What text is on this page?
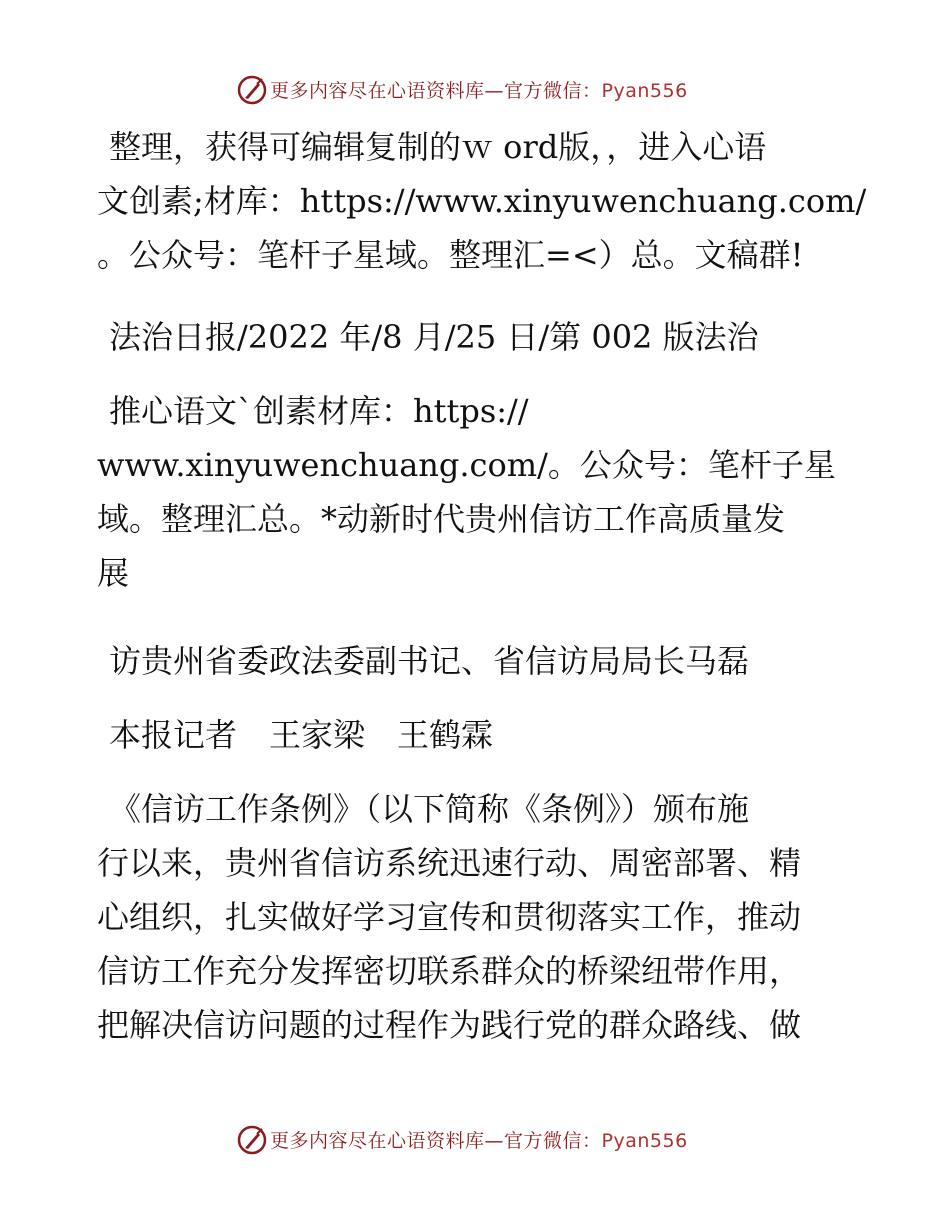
更多内容尽在心语资料库—官方微信：Pyan556

整理，获得可编辑复制的ｗ ord版，，进入心语
文创素;材库：https://www.xinyuwenchuang.com/
。公众号：笔杆子星域。整理汇=<）总。文稿群!

法治日报/2022 年/8 月/25 日/第 002 版法治

推心语文`创素材库：https://
www.xinyuwenchuang.com/。公众号：笔杆子星
域。整理汇总。*动新时代贵州信访工作高质量发
展

访贵州省委政法委副书记、省信访局局长马磊

本报记者　王家梁　王鹤霖

《信访工作条例》（以下简称《条例》）颁布施
行以来，贵州省信访系统迅速行动、周密部署、精
心组织，扎实做好学习宣传和贯彻落实工作，推动
信访工作充分发挥密切联系群众的桥梁纽带作用，
把解决信访问题的过程作为践行党的群众路线、做

更多内容尽在心语资料库—官方微信：Pyan556
